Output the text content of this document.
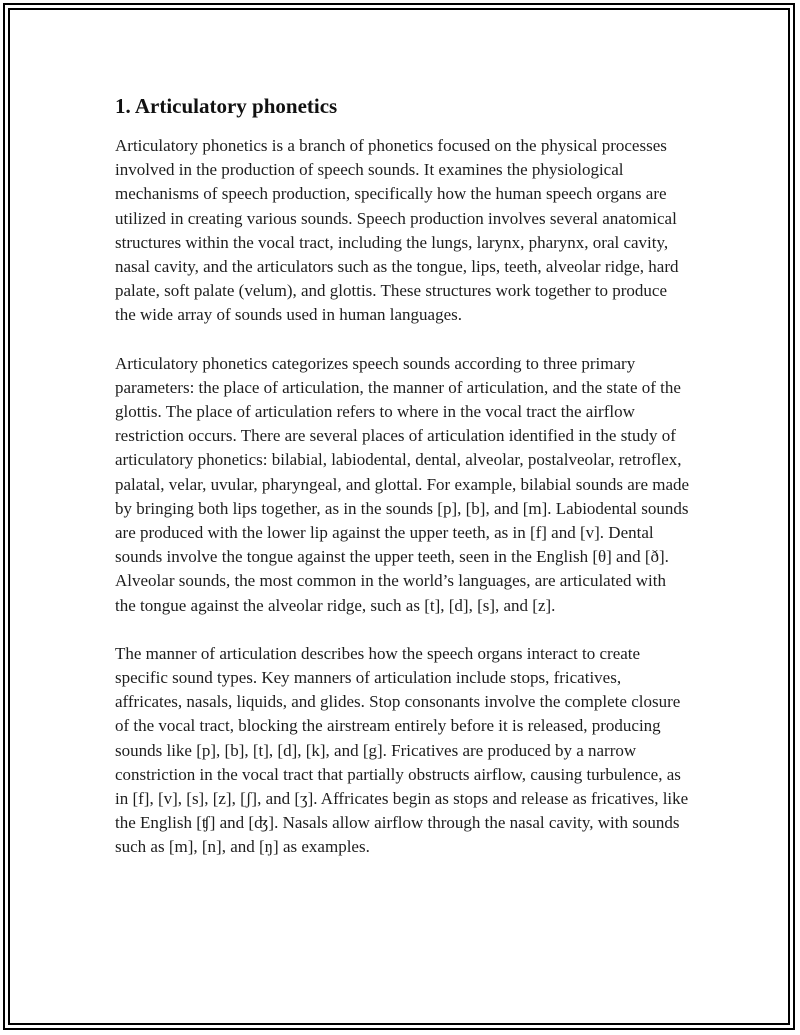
1. Articulatory phonetics

Articulatory phonetics is a branch of phonetics focused on the physical processes involved in the production of speech sounds. It examines the physiological mechanisms of speech production, specifically how the human speech organs are utilized in creating various sounds. Speech production involves several anatomical structures within the vocal tract, including the lungs, larynx, pharynx, oral cavity, nasal cavity, and the articulators such as the tongue, lips, teeth, alveolar ridge, hard palate, soft palate (velum), and glottis. These structures work together to produce the wide array of sounds used in human languages.

Articulatory phonetics categorizes speech sounds according to three primary parameters: the place of articulation, the manner of articulation, and the state of the glottis. The place of articulation refers to where in the vocal tract the airflow restriction occurs. There are several places of articulation identified in the study of articulatory phonetics: bilabial, labiodental, dental, alveolar, postalveolar, retroflex, palatal, velar, uvular, pharyngeal, and glottal. For example, bilabial sounds are made by bringing both lips together, as in the sounds [p], [b], and [m]. Labiodental sounds are produced with the lower lip against the upper teeth, as in [f] and [v]. Dental sounds involve the tongue against the upper teeth, seen in the English [θ] and [ð]. Alveolar sounds, the most common in the world’s languages, are articulated with the tongue against the alveolar ridge, such as [t], [d], [s], and [z].

The manner of articulation describes how the speech organs interact to create specific sound types. Key manners of articulation include stops, fricatives, affricates, nasals, liquids, and glides. Stop consonants involve the complete closure of the vocal tract, blocking the airstream entirely before it is released, producing sounds like [p], [b], [t], [d], [k], and [g]. Fricatives are produced by a narrow constriction in the vocal tract that partially obstructs airflow, causing turbulence, as in [f], [v], [s], [z], [ʃ], and [ʒ]. Affricates begin as stops and release as fricatives, like the English [ʧ] and [ʤ]. Nasals allow airflow through the nasal cavity, with sounds such as [m], [n], and [ŋ] as examples.
